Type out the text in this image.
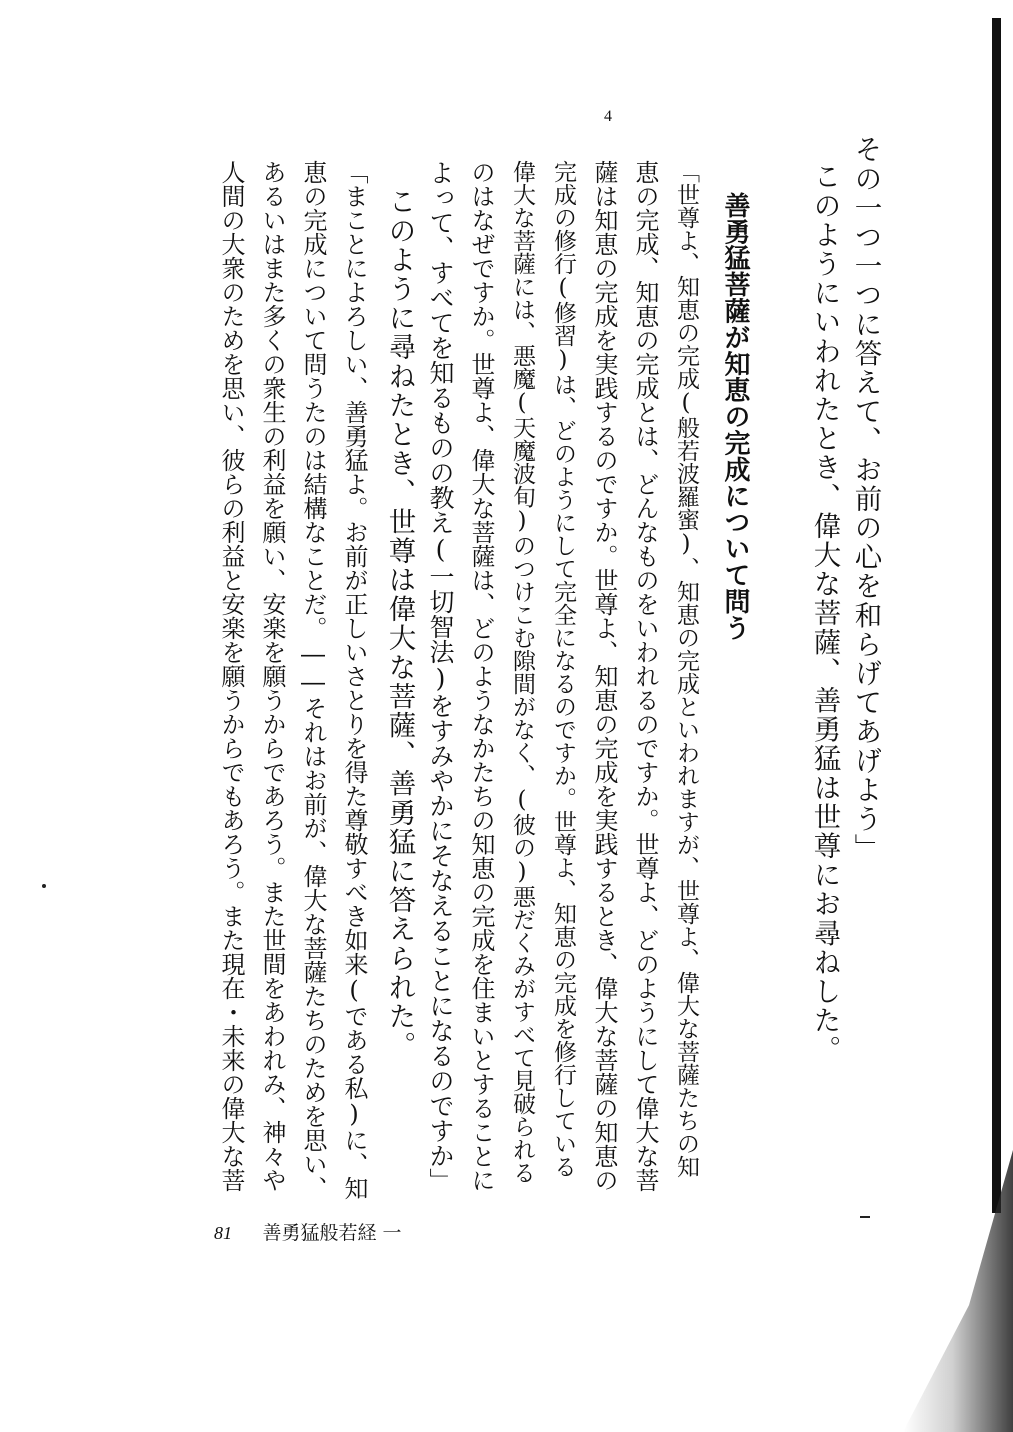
4
その一つ一つに答えて、お前の心を和らげてあげよう」
このようにいわれたとき、偉大な菩薩、善勇猛は世尊にお尋ねした。
善勇猛菩薩が知恵の完成について問う
「世尊よ、知恵の完成(般若波羅蜜)、知恵の完成といわれますが、世尊よ、偉大な菩薩たちの知
恵の完成、知恵の完成とは、どんなものをいわれるのですか。世尊よ、どのようにして偉大な菩
薩は知恵の完成を実践するのですか。世尊よ、知恵の完成を実践するとき、偉大な菩薩の知恵の
完成の修行(修習)は、どのようにして完全になるのですか。世尊よ、知恵の完成を修行している
偉大な菩薩には、悪魔(天魔波旬)のつけこむ隙間がなく、(彼の)悪だくみがすべて見破られる
のはなぜですか。世尊よ、偉大な菩薩は、どのようなかたちの知恵の完成を住まいとすることに
よって、すべてを知るものの教え(一切智法)をすみやかにそなえることになるのですか」
このように尋ねたとき、世尊は偉大な菩薩、善勇猛に答えられた。
「まことによろしい、善勇猛よ。お前が正しいさとりを得た尊敬すべき如来(である私)に、知
恵の完成について問うたのは結構なことだ。――それはお前が、偉大な菩薩たちのためを思い、
あるいはまた多くの衆生の利益を願い、安楽を願うからであろう。また世間をあわれみ、神々や
人間の大衆のためを思い、彼らの利益と安楽を願うからでもあろう。また現在・未来の偉大な菩
81 善勇猛般若経 一
